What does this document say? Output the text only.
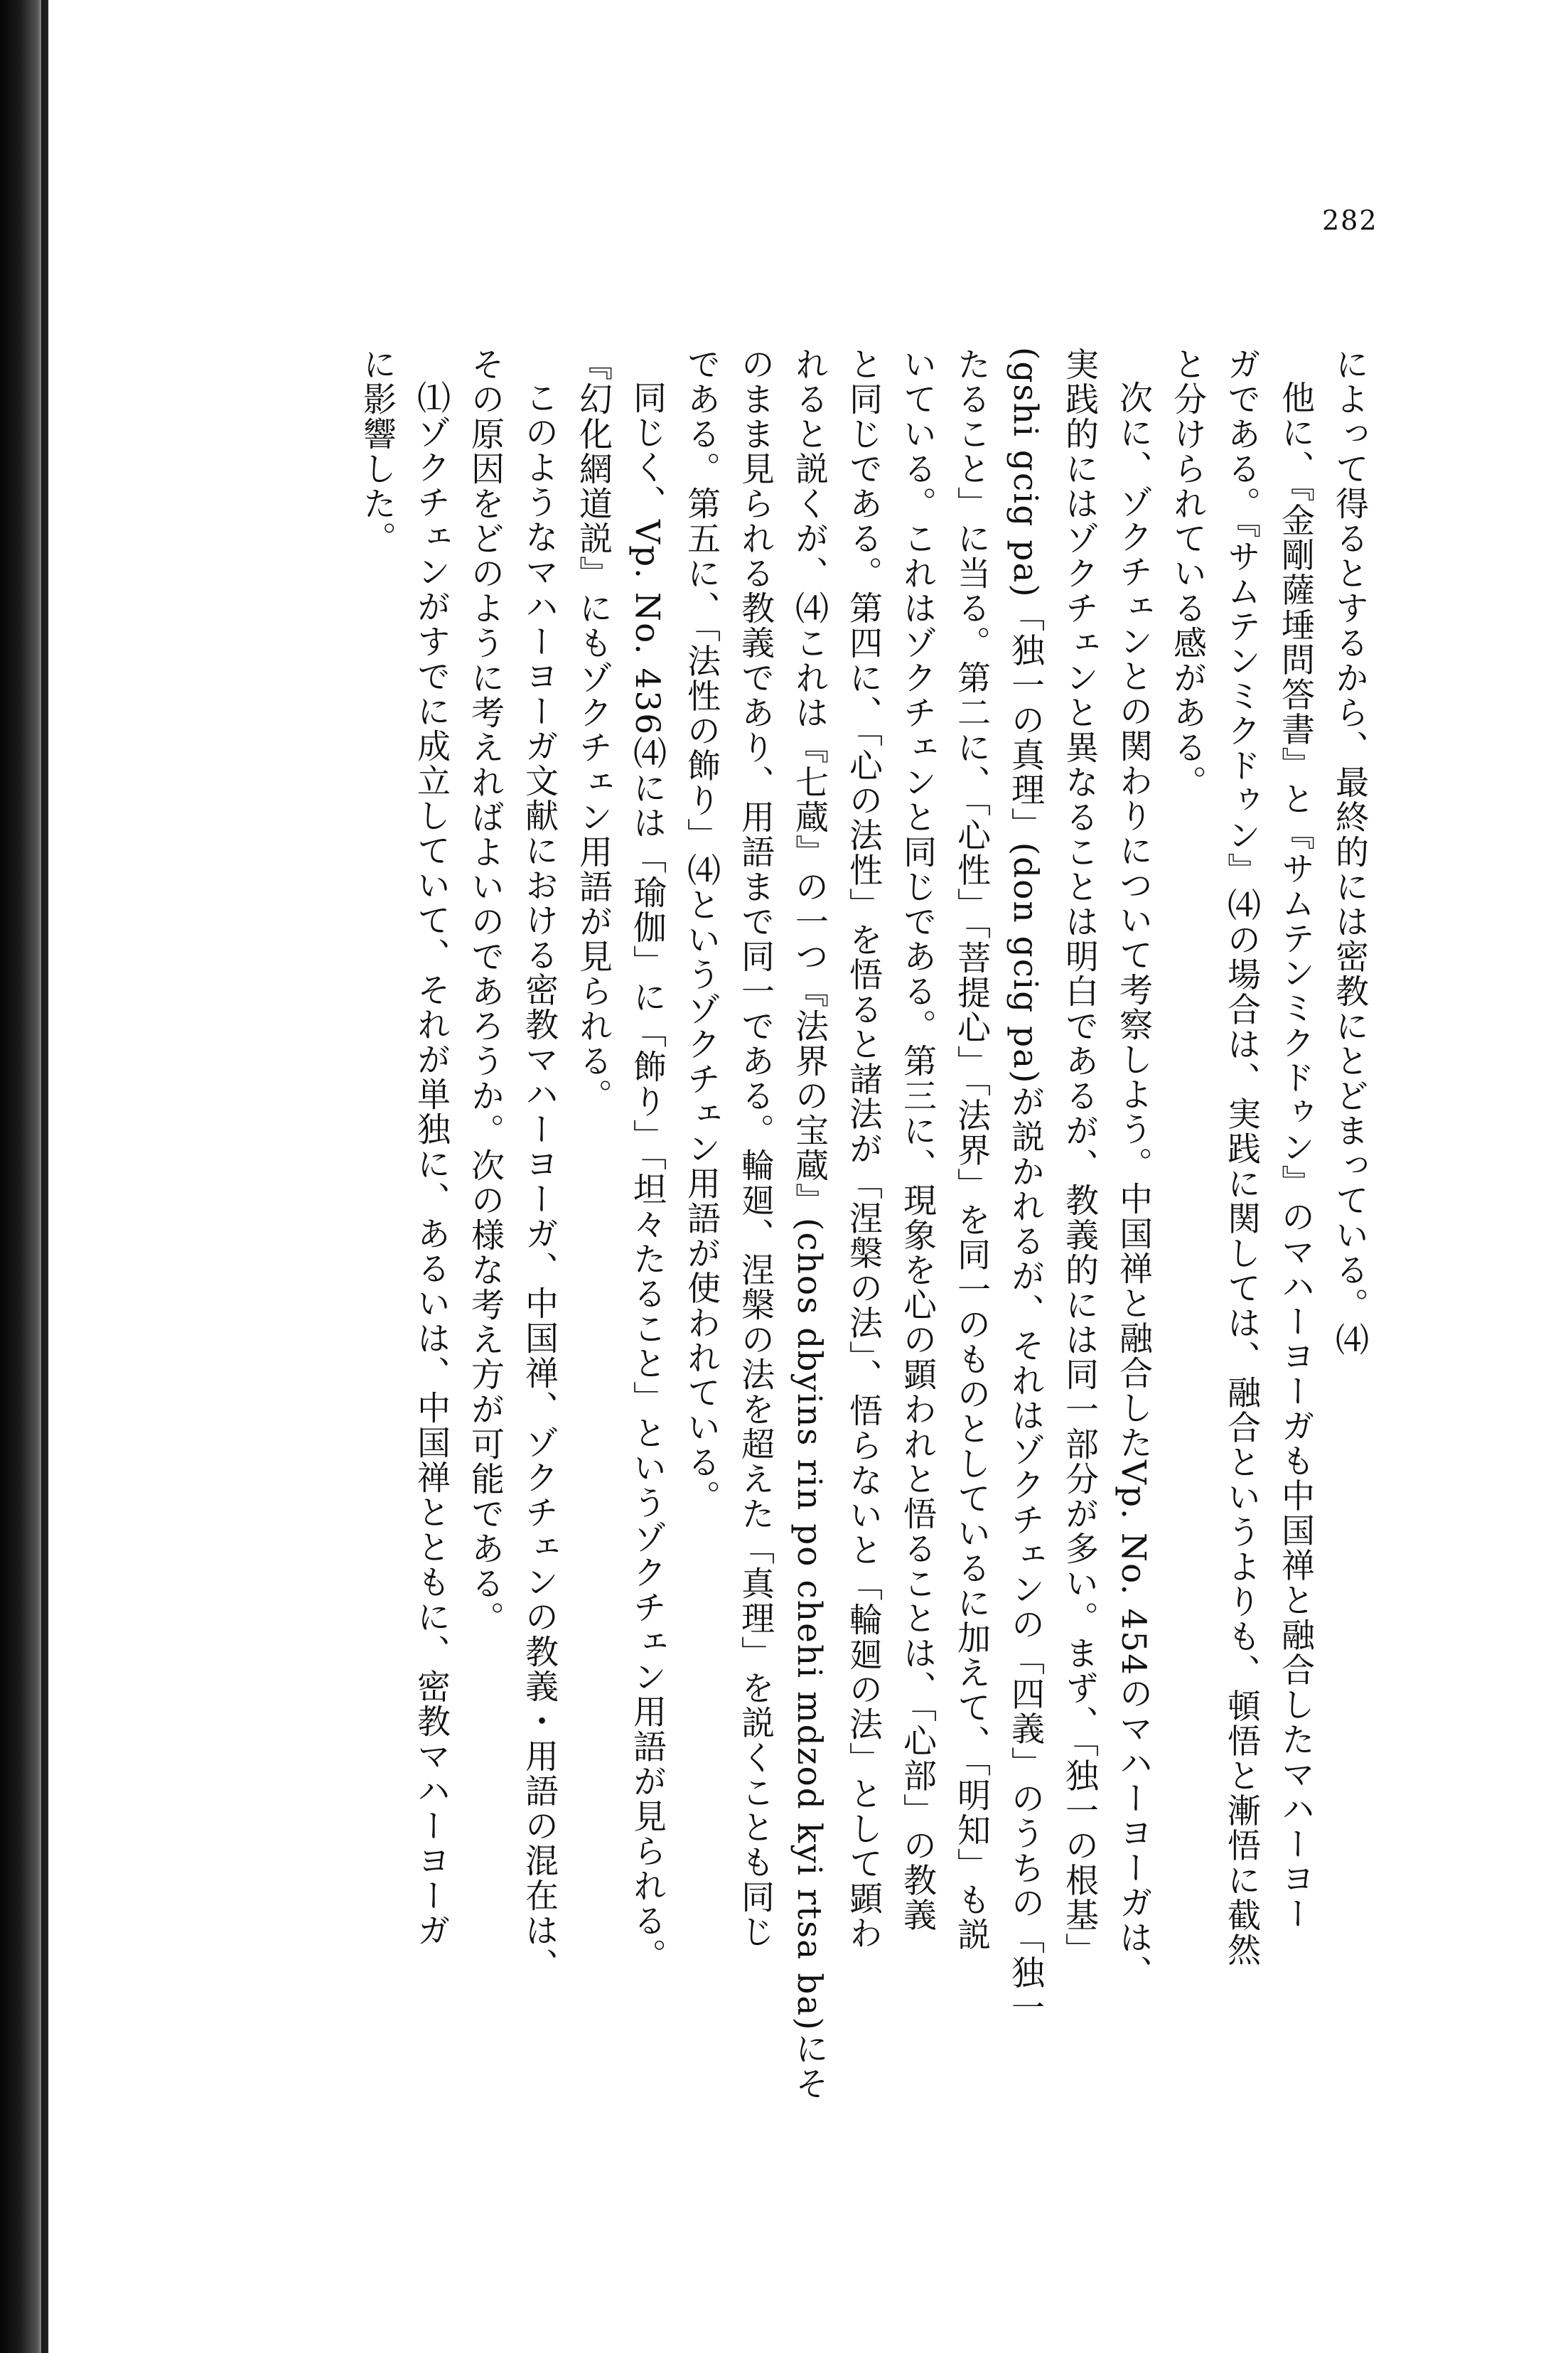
282
によって得るとするから、最終的には密教にとどまっている。⑷
他に、『金剛薩埵問答書』と『サムテンミクドゥン』のマハーヨーガも中国禅と融合したマハーヨー
ガである。『サムテンミクドゥン』⑷の場合は、実践に関しては、融合というよりも、頓悟と漸悟に截然
と分けられている感がある。
次に、ゾクチェンとの関わりについて考察しよう。中国禅と融合したVp. No. 454のマハーヨーガは、
実践的にはゾクチェンと異なることは明白であるが、教義的には同一部分が多い。まず、「独一の根基」
(gshi gcig pa)「独一の真理」(don gcig pa)が説かれるが、それはゾクチェンの「四義」のうちの「独一
たること」に当る。第二に、「心性」「菩提心」「法界」を同一のものとしているに加えて、「明知」も説
いている。これはゾクチェンと同じである。第三に、現象を心の顕われと悟ることは、「心部」の教義
と同じである。第四に、「心の法性」を悟ると諸法が「涅槃の法」、悟らないと「輪廻の法」として顕わ
れると説くが、⑷これは『七蔵』の一つ『法界の宝蔵』(chos dbyins rin po chehi mdzod kyi rtsa ba)にそ
のまま見られる教義であり、用語まで同一である。輪廻、涅槃の法を超えた「真理」を説くことも同じ
である。第五に、「法性の飾り」⑷というゾクチェン用語が使われている。
同じく、Vp. No. 436⑷には「瑜伽」に「飾り」「坦々たること」というゾクチェン用語が見られる。
『幻化網道説』にもゾクチェン用語が見られる。
このようなマハーヨーガ文献における密教マハーヨーガ、中国禅、ゾクチェンの教義・用語の混在は、
その原因をどのように考えればよいのであろうか。次の様な考え方が可能である。
⑴ゾクチェンがすでに成立していて、それが単独に、あるいは、中国禅とともに、密教マハーヨーガ
に影響した。
